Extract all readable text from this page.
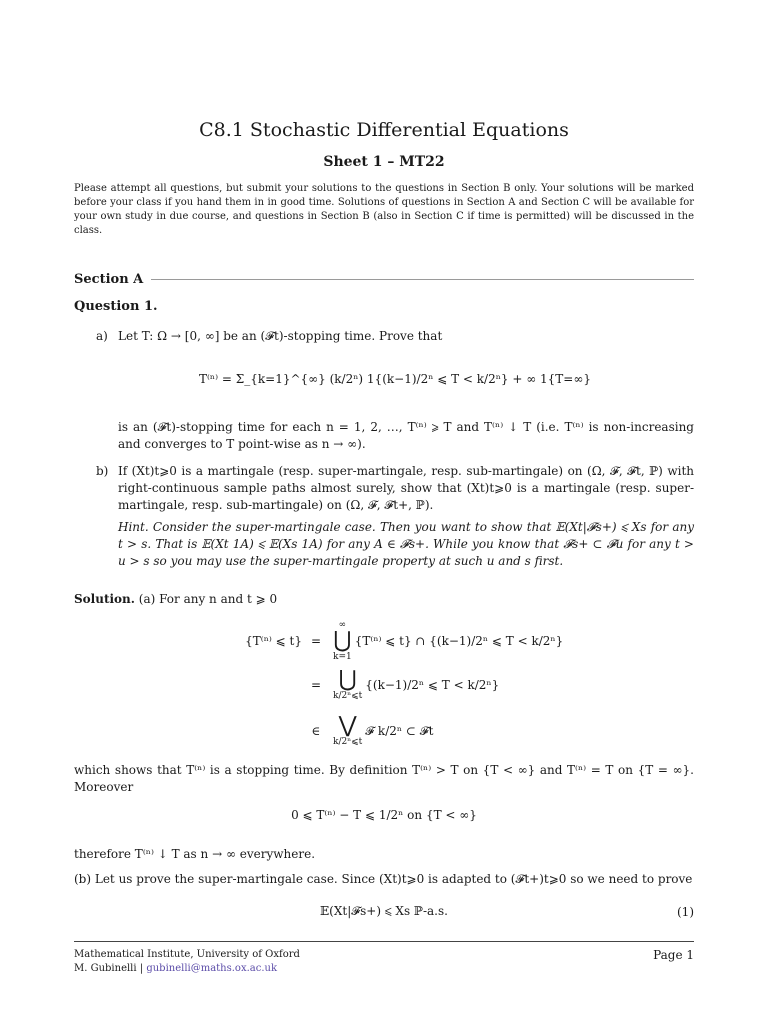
C8.1 Stochastic Differential Equations
Sheet 1 – MT22
Please attempt all questions, but submit your solutions to the questions in Section B only. Your solutions will be marked before your class if you hand them in in good time. Solutions of questions in Section A and Section C will be available for your own study in due course, and questions in Section B (also in Section C if time is permitted) will be discussed in the class.
Section A
Question 1.
a) Let T: Ω → [0, ∞] be an (𝓕t)-stopping time. Prove that
T⁽ⁿ⁾ = Σ_{k=1}^{∞} (k/2ⁿ) 1{(k−1)/2ⁿ ⩽ T < k/2ⁿ} + ∞ 1{T=∞}
is an (𝓕t)-stopping time for each n = 1, 2, …, T⁽ⁿ⁾ ⩾ T and T⁽ⁿ⁾ ↓ T (i.e. T⁽ⁿ⁾ is non-increasing and converges to T point-wise as n → ∞).
b) If (Xt)t⩾0 is a martingale (resp. super-martingale, resp. sub-martingale) on (Ω, 𝓕, 𝓕t, ℙ) with right-continuous sample paths almost surely, show that (Xt)t⩾0 is a martingale (resp. super-martingale, resp. sub-martingale) on (Ω, 𝓕, 𝓕t+, ℙ).
Hint. Consider the super-martingale case. Then you want to show that 𝔼(Xt|𝓕s+) ⩽ Xs for any t > s. That is 𝔼(Xt 1A) ⩽ 𝔼(Xs 1A) for any A ∈ 𝓕s+. While you know that 𝓕s+ ⊂ 𝓕u for any t > u > s so you may use the super-martingale property at such u and s first.
Solution. (a) For any n and t ⩾ 0
{T⁽ⁿ⁾ ⩽ t} =
∞
⋃
k=1
{T⁽ⁿ⁾ ⩽ t} ∩ {(k−1)/2ⁿ ⩽ T < k/2ⁿ}
= ⋃
k/2ⁿ⩽t
{(k−1)/2ⁿ ⩽ T < k/2ⁿ}
∈ ⋁
k/2ⁿ⩽t
𝓕 k/2ⁿ ⊂ 𝓕t
which shows that T⁽ⁿ⁾ is a stopping time. By definition T⁽ⁿ⁾ > T on {T < ∞} and T⁽ⁿ⁾ = T on {T = ∞}. Moreover
0 ⩽ T⁽ⁿ⁾ − T ⩽ 1/2ⁿ on {T < ∞}
therefore T⁽ⁿ⁾ ↓ T as n → ∞ everywhere.
(b) Let us prove the super-martingale case. Since (Xt)t⩾0 is adapted to (𝓕t+)t⩾0 so we need to prove
𝔼(Xt|𝓕s+) ⩽ Xs ℙ-a.s.	(1)
Mathematical Institute, University of Oxford
M. Gubinelli | gubinelli@maths.ox.ac.uk
Page 1
